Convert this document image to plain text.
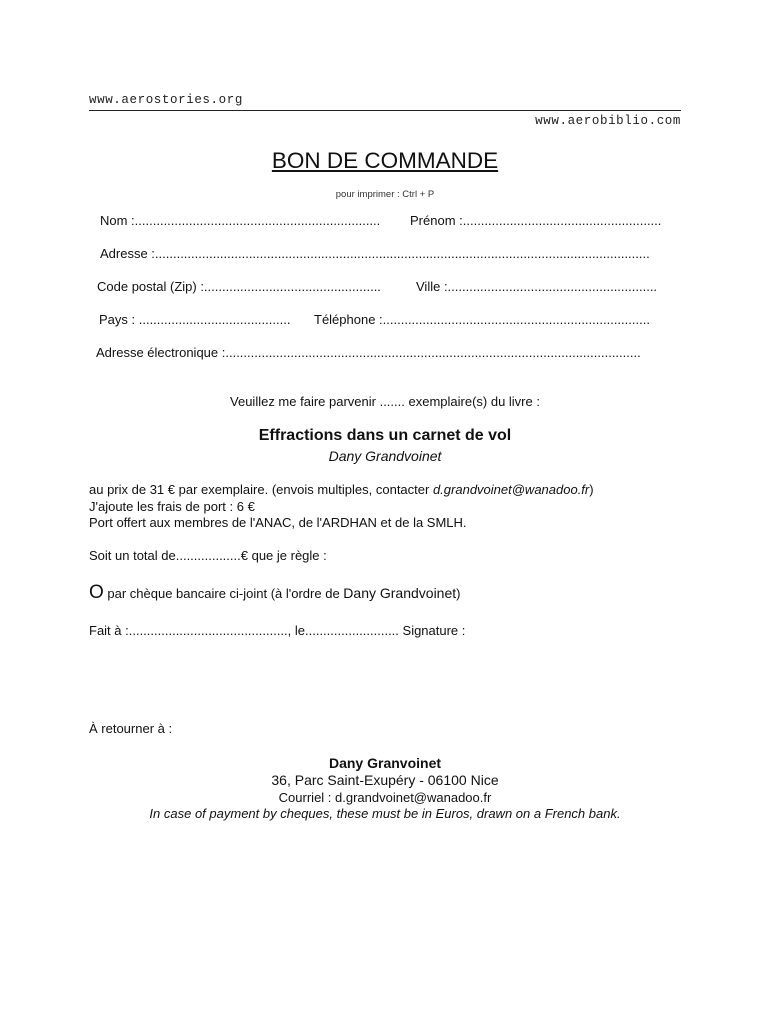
www.aerostories.org
www.aerobiblio.com
BON DE COMMANDE
pour imprimer : Ctrl + P
Nom :.................................................................... Prénom :.......................................................
Adresse :.........................................................................................................................................
Code postal (Zip) :.................................................	Ville :..........................................................
Pays : .......................................... Téléphone :..........................................................................
Adresse électronique :...................................................................................................................
Veuillez me faire parvenir ....... exemplaire(s) du livre :
Effractions dans un carnet de vol
Dany Grandvoinet
au prix de 31 € par exemplaire. (envois multiples, contacter d.grandvoinet@wanadoo.fr)
J'ajoute les frais de port : 6 €
Port offert aux membres de l'ANAC, de l'ARDHAN et de la SMLH.
Soit un total de..................€ que je règle :
O par chèque bancaire ci-joint (à l'ordre de Dany Grandvoinet)
Fait à :............................................, le.......................... Signature :
À retourner à :
Dany Granvoinet
36, Parc Saint-Exupéry - 06100 Nice
Courriel : d.grandvoinet@wanadoo.fr
In case of payment by cheques, these must be in Euros, drawn on a French bank.
